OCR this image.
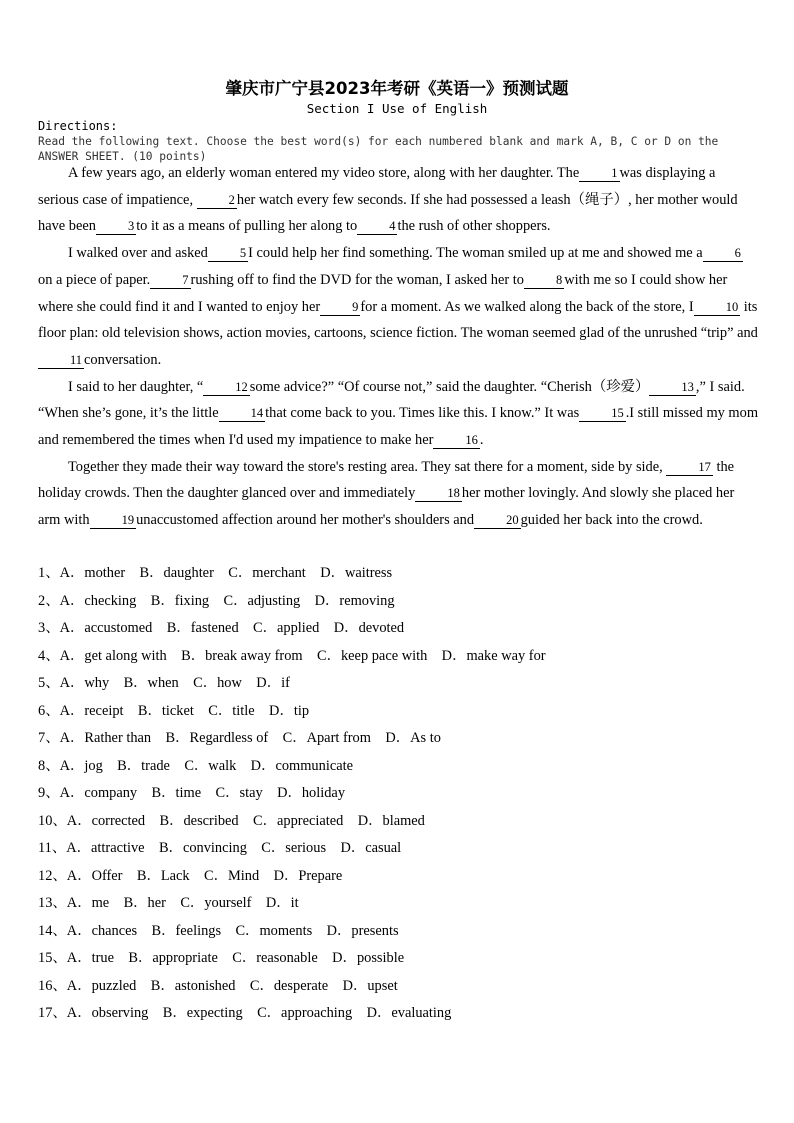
肇庆市广宁县2023年考研《英语一》预测试题
Section I Use of English
Directions:
Read the following text. Choose the best word(s) for each numbered blank and mark A, B, C or D on the ANSWER SHEET. (10 points)

A few years ago, an elderly woman entered my video store, along with her daughter. The	1 was displaying a serious case of impatience,	2 her watch every few seconds. If she had possessed a leash（绳子）, her mother would have been	3 to it as a means of pulling her along to	4 the rush of other shoppers.

I walked over and asked	5 I could help her find something. The woman smiled up at me and showed me a	6 on a piece of paper.	7 rushing off to find the DVD for the woman, I asked her to	8 with me so I could show her where she could find it and I wanted to enjoy her	9 for a moment. As we walked along the back of the store, I	10 its floor plan: old television shows, action movies, cartoons, science fiction. The woman seemed glad of the unrushed “trip” and11 conversation.

I said to her daughter, “	12 some advice?” “Of course not,” said the daughter. “Cherish（珍爱）	13 ,” I said. “When she’s gone, it’s the little	14 that come back to you. Times like this. I know.” It was	15 .I still missed my mom and remembered the times when I'd used my impatience to make her	16 .

Together they made their way toward the store's resting area. They sat there for a moment, side by side,	17 the holiday crowds. Then the daughter glanced over and immediately	18 her mother lovingly. And slowly she placed her arm with	19 unaccustomed affection around her mother's shoulders and	20 guided her back into the crowd.

1、A．mother　B．daughter　C．merchant　D．waitress
2、A．checking　B．fixing　C．adjusting　D．removing
3、A．accustomed　B．fastened　C．applied　D．devoted
4、A．get along with　B．break away from　C．keep pace with　D．make way for
5、A．why　B．when　C．how　D．if
6、A．receipt　B．ticket　C．title　D．tip
7、A．Rather than　B．Regardless of　C．Apart from　D．As to
8、A．jog　B．trade　C．walk　D．communicate
9、A．company　B．time　C．stay　D．holiday
10、A．corrected　B．described　C．appreciated　D．blamed
11、A．attractive　B．convincing　C．serious　D．casual
12、A．Offer　B．Lack　C．Mind　D．Prepare
13、A．me　B．her　C．yourself　D．it
14、A．chances　B．feelings　C．moments　D．presents
15、A．true　B．appropriate　C．reasonable　D．possible
16、A．puzzled　B．astonished　C．desperate　D．upset
17、A．observing　B．expecting　C．approaching　D．evaluating
